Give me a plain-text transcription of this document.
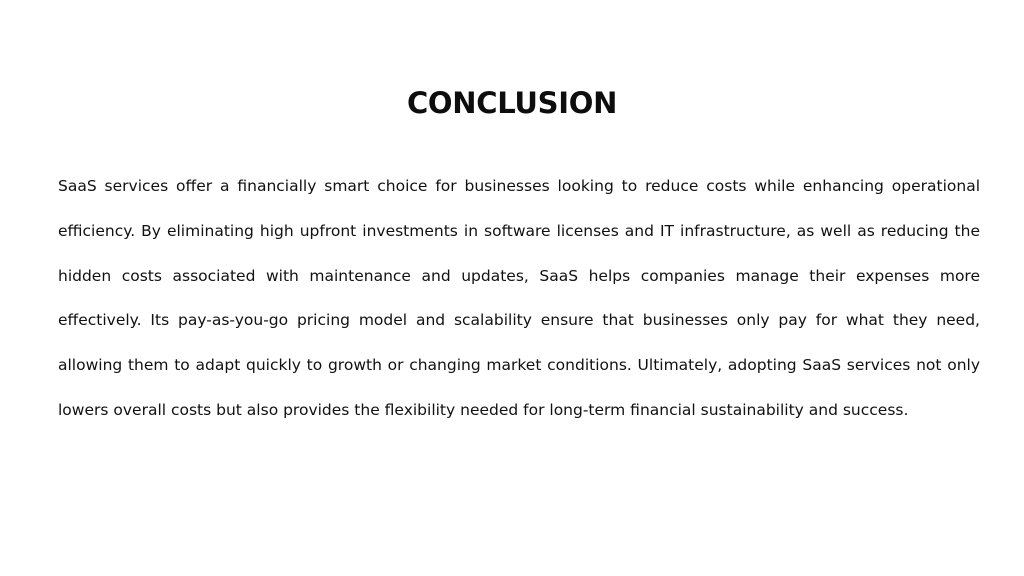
CONCLUSION

SaaS services offer a financially smart choice for businesses looking to reduce costs while enhancing operational efficiency. By eliminating high upfront investments in software licenses and IT infrastructure, as well as reducing the hidden costs associated with maintenance and updates, SaaS helps companies manage their expenses more effectively. Its pay-as-you-go pricing model and scalability ensure that businesses only pay for what they need, allowing them to adapt quickly to growth or changing market conditions. Ultimately, adopting SaaS services not only lowers overall costs but also provides the flexibility needed for long-term financial sustainability and success.
